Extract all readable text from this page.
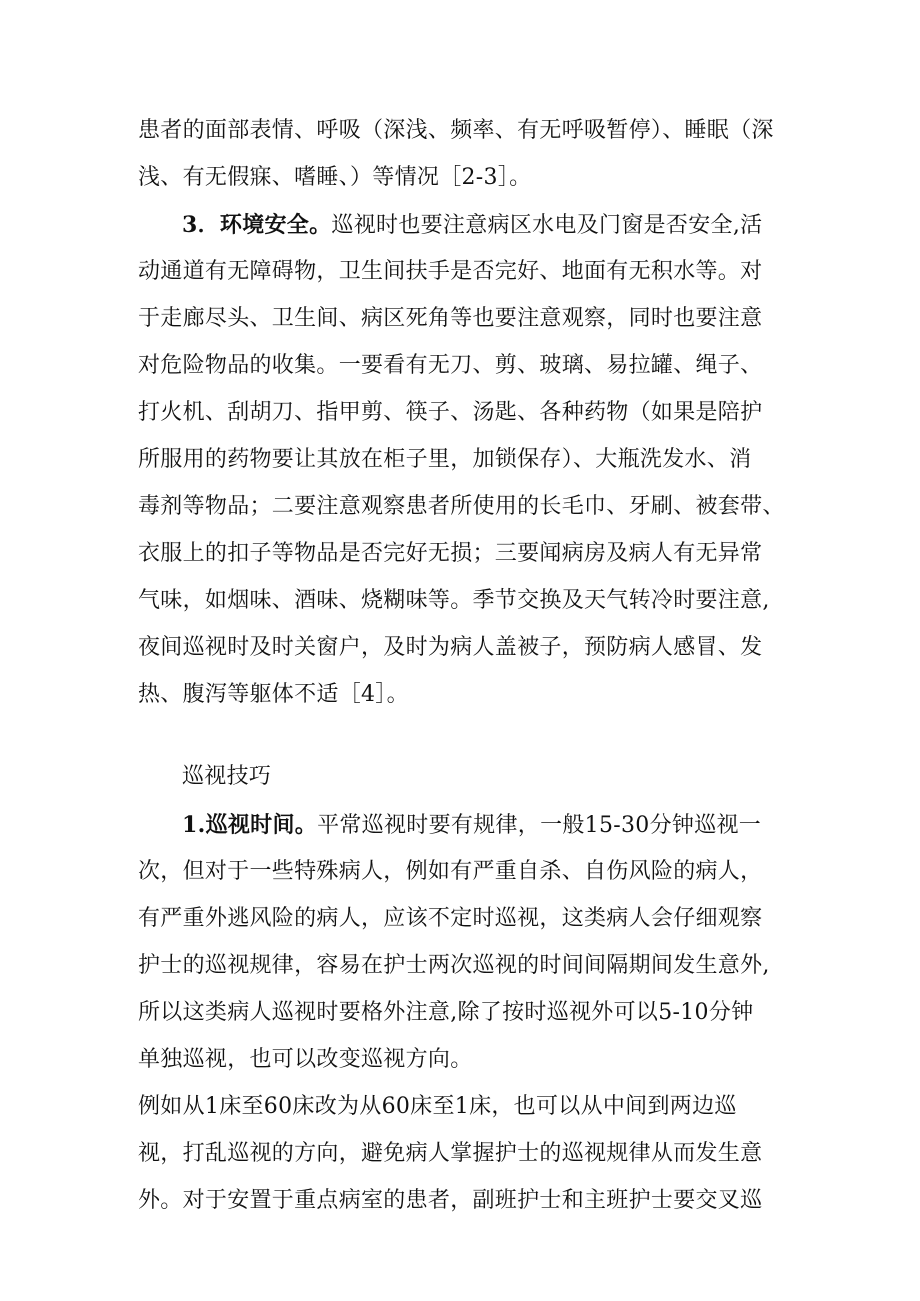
患者的面部表情、呼吸（深浅、频率、有无呼吸暂停）、睡眠（深
浅、有无假寐、嗜睡、）等情况［2-3］。
3．环境安全。巡视时也要注意病区水电及门窗是否安全,活
动通道有无障碍物，卫生间扶手是否完好、地面有无积水等。对
于走廊尽头、卫生间、病区死角等也要注意观察，同时也要注意
对危险物品的收集。一要看有无刀、剪、玻璃、易拉罐、绳子、
打火机、刮胡刀、指甲剪、筷子、汤匙、各种药物（如果是陪护
所服用的药物要让其放在柜子里，加锁保存）、大瓶洗发水、消
毒剂等物品；二要注意观察患者所使用的长毛巾、牙刷、被套带、
衣服上的扣子等物品是否完好无损；三要闻病房及病人有无异常
气味，如烟味、酒味、烧糊味等。季节交换及天气转冷时要注意,
夜间巡视时及时关窗户，及时为病人盖被子，预防病人感冒、发
热、腹泻等躯体不适［4］。
巡视技巧
1.巡视时间。平常巡视时要有规律，一般15-30分钟巡视一
次，但对于一些特殊病人，例如有严重自杀、自伤风险的病人，
有严重外逃风险的病人，应该不定时巡视，这类病人会仔细观察
护士的巡视规律，容易在护士两次巡视的时间间隔期间发生意外,
所以这类病人巡视时要格外注意,除了按时巡视外可以5-10分钟
单独巡视，也可以改变巡视方向。
例如从1床至60床改为从60床至1床，也可以从中间到两边巡
视，打乱巡视的方向，避免病人掌握护士的巡视规律从而发生意
外。对于安置于重点病室的患者，副班护士和主班护士要交叉巡
